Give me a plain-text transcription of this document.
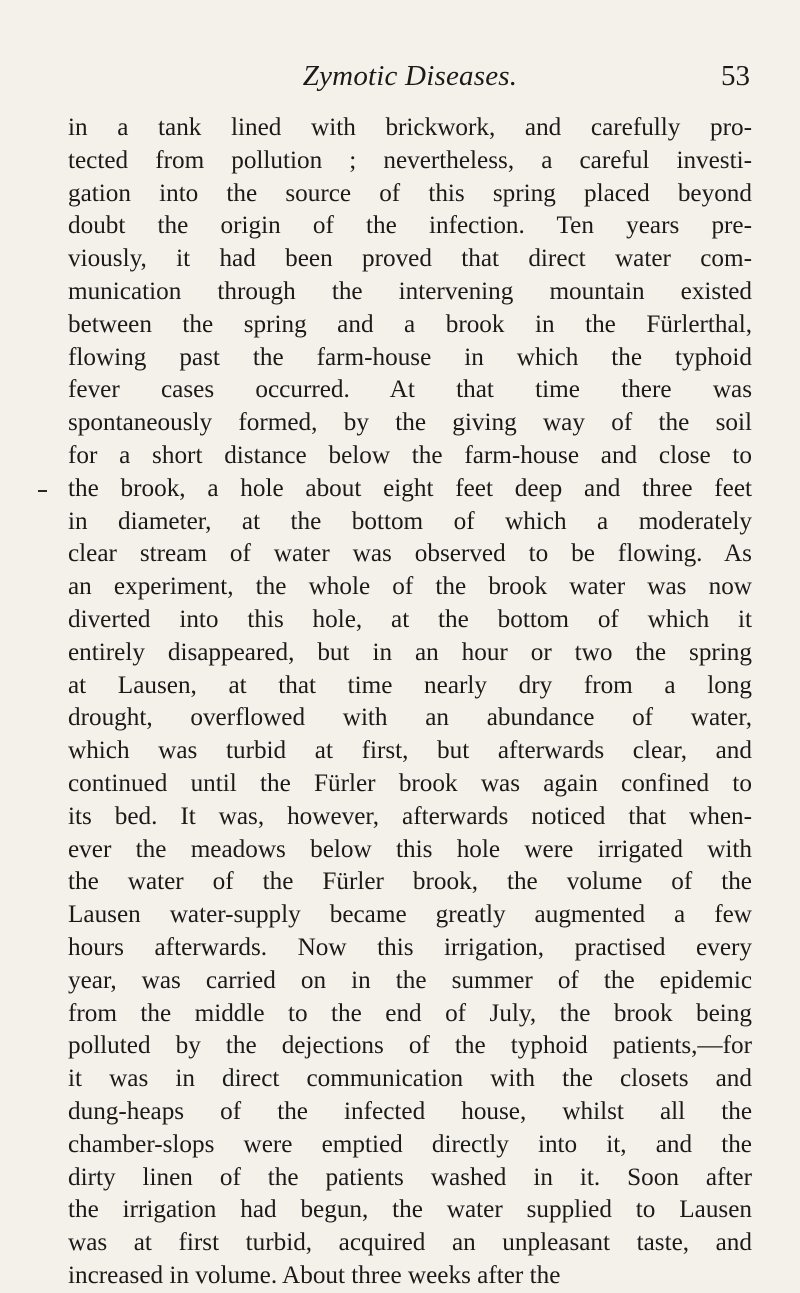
Zymotic Diseases.	53
in a tank lined with brickwork, and carefully pro-
tected from pollution ; nevertheless, a careful investi-
gation into the source of this spring placed beyond
doubt the origin of the infection. Ten years pre-
viously, it had been proved that direct water com-
munication through the intervening mountain existed
between the spring and a brook in the Fürlerthal,
flowing past the farm-house in which the typhoid
fever cases occurred. At that time there was
spontaneously formed, by the giving way of the soil
for a short distance below the farm-house and close to
the brook, a hole about eight feet deep and three feet
in diameter, at the bottom of which a moderately
clear stream of water was observed to be flowing. As
an experiment, the whole of the brook water was now
diverted into this hole, at the bottom of which it
entirely disappeared, but in an hour or two the spring
at Lausen, at that time nearly dry from a long
drought, overflowed with an abundance of water,
which was turbid at first, but afterwards clear, and
continued until the Fürler brook was again confined to
its bed. It was, however, afterwards noticed that when-
ever the meadows below this hole were irrigated with
the water of the Fürler brook, the volume of the
Lausen water-supply became greatly augmented a few
hours afterwards. Now this irrigation, practised every
year, was carried on in the summer of the epidemic
from the middle to the end of July, the brook being
polluted by the dejections of the typhoid patients,—for
it was in direct communication with the closets and
dung-heaps of the infected house, whilst all the
chamber-slops were emptied directly into it, and the
dirty linen of the patients washed in it. Soon after
the irrigation had begun, the water supplied to Lausen
was at first turbid, acquired an unpleasant taste, and
increased in volume. About three weeks after the
